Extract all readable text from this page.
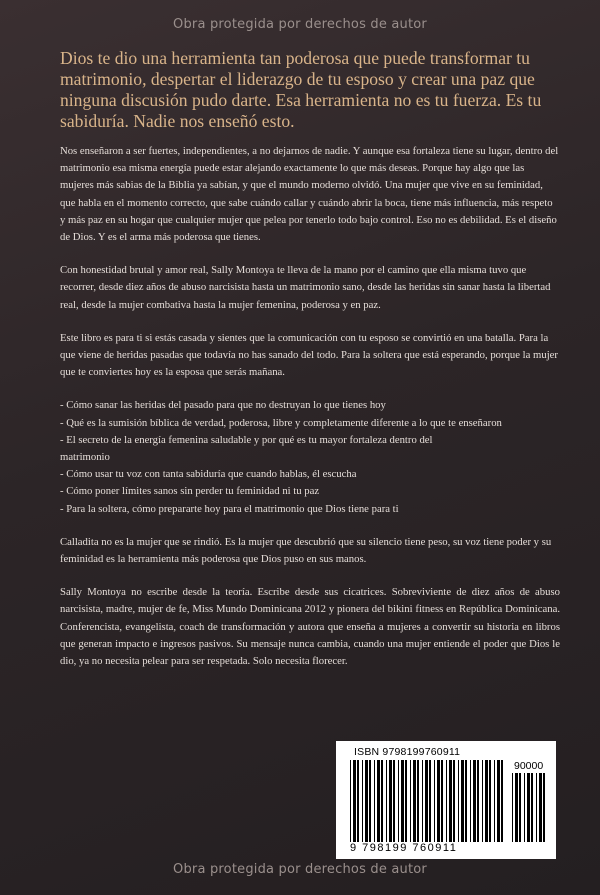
Obra protegida por derechos de autor
Dios te dio una herramienta tan poderosa que puede transformar tu matrimonio, despertar el liderazgo de tu esposo y crear una paz que ninguna discusión pudo darte. Esa herramienta no es tu fuerza. Es tu sabiduría. Nadie nos enseñó esto.

Nos enseñaron a ser fuertes, independientes, a no dejarnos de nadie. Y aunque esa fortaleza tiene su lugar, dentro del matrimonio esa misma energía puede estar alejando exactamente lo que más deseas. Porque hay algo que las mujeres más sabias de la Biblia ya sabían, y que el mundo moderno olvidó. Una mujer que vive en su feminidad, que habla en el momento correcto, que sabe cuándo callar y cuándo abrir la boca, tiene más influencia, más respeto y más paz en su hogar que cualquier mujer que pelea por tenerlo todo bajo control. Eso no es debilidad. Es el diseño de Dios. Y es el arma más poderosa que tienes.

Con honestidad brutal y amor real, Sally Montoya te lleva de la mano por el camino que ella misma tuvo que recorrer, desde diez años de abuso narcisista hasta un matrimonio sano, desde las heridas sin sanar hasta la libertad real, desde la mujer combativa hasta la mujer femenina, poderosa y en paz.

Este libro es para ti si estás casada y sientes que la comunicación con tu esposo se convirtió en una batalla. Para la que viene de heridas pasadas que todavía no has sanado del todo. Para la soltera que está esperando, porque la mujer que te conviertes hoy es la esposa que serás mañana.

- Cómo sanar las heridas del pasado para que no destruyan lo que tienes hoy
- Qué es la sumisión bíblica de verdad, poderosa, libre y completamente diferente a lo que te enseñaron
- El secreto de la energía femenina saludable y por qué es tu mayor fortaleza dentro del
matrimonio
- Cómo usar tu voz con tanta sabiduría que cuando hablas, él escucha
- Cómo poner límites sanos sin perder tu feminidad ni tu paz
- Para la soltera, cómo prepararte hoy para el matrimonio que Dios tiene para ti

Calladita no es la mujer que se rindió. Es la mujer que descubrió que su silencio tiene peso, su voz tiene poder y su feminidad es la herramienta más poderosa que Dios puso en sus manos.

Sally Montoya no escribe desde la teoría. Escribe desde sus cicatrices. Sobreviviente de diez años de abuso narcisista, madre, mujer de fe, Miss Mundo Dominicana 2012 y pionera del bikini fitness en República Dominicana. Conferencista, evangelista, coach de transformación y autora que enseña a mujeres a convertir su historia en libros que generan impacto e ingresos pasivos. Su mensaje nunca cambia, cuando una mujer entiende el poder que Dios le dio, ya no necesita pelear para ser respetada. Solo necesita florecer.

ISBN 9798199760911
90000
9 798199 760911
Obra protegida por derechos de autor
